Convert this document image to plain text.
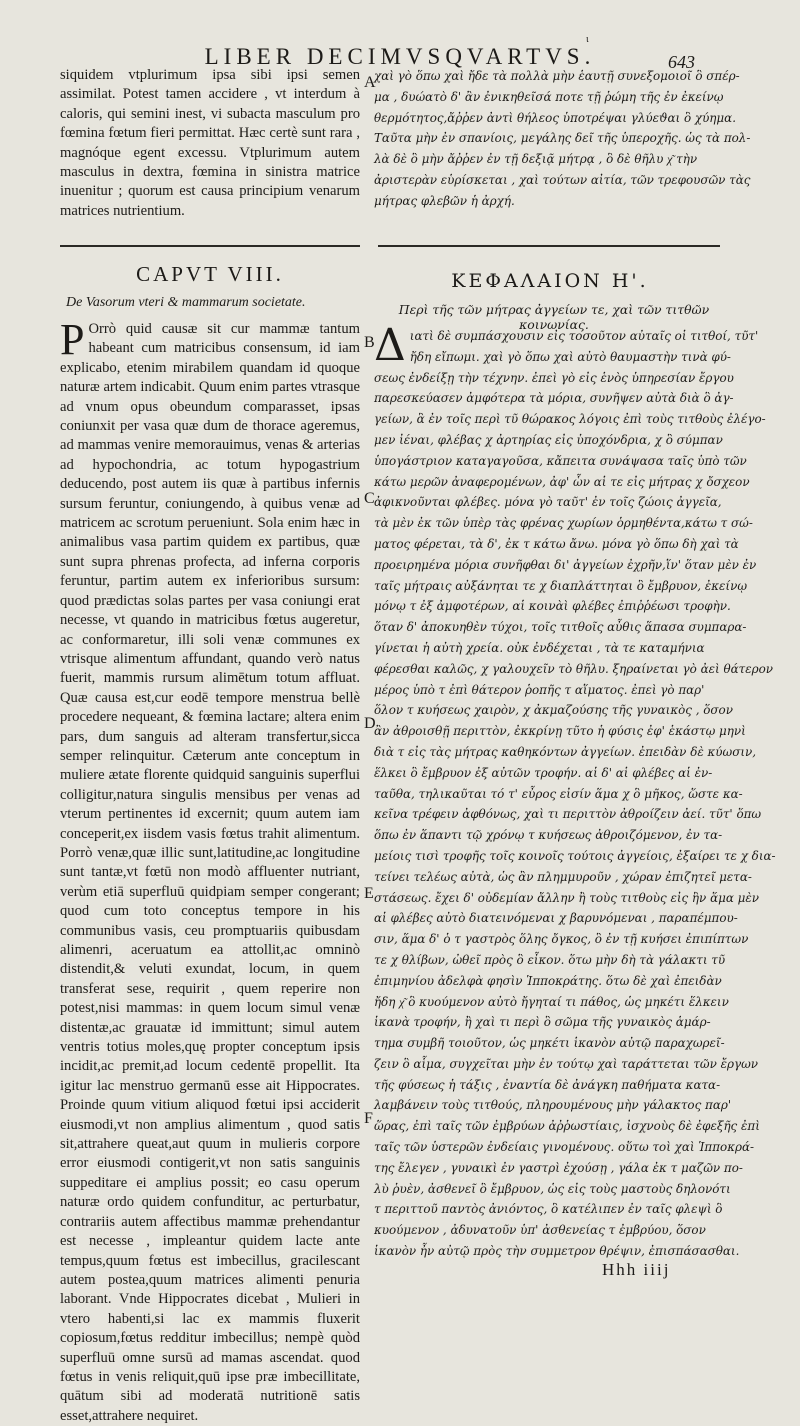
LIBER DECIMVSQVARTVS.
ι
643

siquidem vtplurimum ipsa sibi ipsi semen assimilat. Potest tamen accidere , vt interdum à caloris, qui semini inest, vi subacta masculum pro fœmina fœtum fieri permittat. Hæc certè sunt rara , magnóque egent excessu. Vtplurimum autem masculus in dextra, fœmina in sinistra matrice inuenitur ; quorum est causa principium venarum matrices nutrientium.

χαὶ γὸ ὅπω χαὶ ἤδε τὰ πολλὰ μὴν ἑαυτῇ συνεξομοιοῖ ὃ σπέρ-

μα , δυώατὸ δ' ἂν ἐνικηθεῖσά ποτε τῇ ῥώμη τῆς ἐν ἐκείνῳ

θερμότητος,ἄῤῥεν ἀντὶ θήλεος ὑποτρέψαι γλύεϑαι ὃ χύημα.

Ταῦτα μὴν ἐν σπανίοις, μεγάλης δεῖ τῆς ὑπεροχῆς. ὡς τὰ πολ-

λὰ δὲ ὃ μὴν ἄῤῥεν ἐν τῇ δεξιᾷ μήτρᾳ , ὃ δὲ θῆλυ χ͂ τὴν

ἀριστερὰν εὑρίσκεται , χαὶ τούτων αἰτία, τῶν τρεφουσῶν τὰς

μήτρας φλεβῶν ἡ ἀρχή.

CAPVT VIII.	ΚΕΦΑΛΑΙΟΝ Η'.
De Vasorum vteri & mammarum societate.	Περὶ τῆς τῶν μήτρας ἀγγείων τε, χαὶ τῶν τιτθῶν κοινωνίας.

P Orrò quid causæ sit cur mammæ tantum habeant cum matricibus consensum, id iam explicabo, etenim mirabilem quandam id quoque naturæ artem indicabit. Quum enim partes vtrasque ad vnum opus obeundum comparasset, ipsas coniunxit per vasa quæ dum de thorace ageremus, ad mammas venire memorauimus, venas & arterias ad hypochondria, ac totum hypogastrium deducendo, post autem iis quæ à partibus infernis sursum feruntur, coniungendo, à quibus venæ ad matricem ac scrotum perueniunt. Sola enim hæc in animalibus vasa partim quidem ex partibus, quæ sunt supra phrenas profecta, ad inferna corporis feruntur, partim autem ex inferioribus sursum: quod prædictas solas partes per vasa coniungi erat necesse, vt quando in matricibus fœtus augeretur, ac conformaretur, illi soli venæ communes ex vtrisque alimentum affundant, quando verò natus fuerit, mammis rursum alimētum totum affluat. Quæ causa est,cur eodē tempore menstrua bellè procedere nequeant, & fœmina lactare; altera enim pars, dum sanguis ad alteram transfertur,sicca semper relinquitur. Cæterum ante conceptum in muliere ætate florente quidquid sanguinis superflui colligitur,natura singulis mensibus per venas ad vterum pertinentes id excernit; quum autem iam conceperit,ex iisdem vasis fœtus trahit alimentum. Porrò venæ,quæ illic sunt,latitudine,ac longitudine sunt tantæ,vt fœtū non modò affluenter nutriant, verùm etiā superfluū quidpiam semper congerant; quod cum toto conceptus tempore in his communibus vasis, ceu promptuariis quibusdam alimenri, aceruatum ea attollit,ac omninò distendit,& veluti exundat, locum, in quem transferat sese, requirit , quem reperire non potest,nisi mammas: in quem locum simul venæ distentæ,ac grauatæ id immittunt; simul autem ventris totius moles,quę propter conceptum ipsis incidit,ac premit,ad locum cedentē propellit. Ita igitur lac menstruo germanū esse ait Hippocrates. Proinde quum vitium aliquod fœtui ipsi acciderit eiusmodi,vt non amplius alimentum , quod satis sit,attrahere queat,aut quum in mulieris corpore error eiusmodi contigerit,vt non satis sanguinis suppeditare ei amplius possit; eo casu operum naturæ ordo quidem confunditur, ac perturbatur, contrariis autem affectibus mammæ prehendantur est necesse , impleantur quidem lacte ante tempus,quum fœtus est imbecillus, gracilescant autem postea,quum matrices alimenti penuria laborant. Vnde Hippocrates dicebat , Mulieri in vtero habenti,si lac ex mammis fluxerit copiosum,fœtus redditur imbecillus; nempè quòd superfluū omne sursū ad mamas ascendat. quod fœtus in venis reliquit,quū ipse præ imbecillitate, quātum sibi ad moderatā nutritionē satis esset,attrahere nequiret.

Δ ιατὶ δὲ συμπάσχουσιν εἰς τοσοῦτον αὐταῖς οἱ τιτθοί, τῦτ'

ἤδη εἴπωμι. χαὶ γὸ ὅπω χαὶ αὐτὸ θαυμαστὴν τινὰ φύ-

σεως ἐνδείξῃ τὴν τέχνην. ἐπεὶ γὸ εἰς ἑνὸς ὑπηρεσίαν ἔργου

παρεσκεύασεν ἀμφότερα τὰ μόρια, συνῆψεν αὐτὰ διὰ ὃ ἀγ-

γείων, ἃ ἐν τοῖς περὶ τῦ θώρακος λόγοις ἐπὶ τοὺς τιτθοὺς ἐλέγο-

μεν ἰέναι, φλέβας χ ἀρτηρίας εἰς ὑποχόνδρια, χ ὃ σύμπαν

ὑπογάστριον καταγαγοῦσα, κἄπειτα συνάψασα ταῖς ὑπὸ τῶν

κάτω μερῶν ἀναφερομένων, ἀφ' ὧν αἱ τε εἰς μήτρας χ ὄσχεον

ἀφικνοῦνται φλέβες. μόνα γὸ ταῦτ' ἐν τοῖς ζώοις ἀγγεῖα,

τὰ μὲν ἐκ τῶν ὑπὲρ τὰς φρένας χωρίων ὁρμηθέντα,κάτω τ σώ-

ματος φέρεται, τὰ δ', ἐκ τ κάτω ἄνω. μόνα γὸ ὅπω δὴ χαὶ τὰ

προειρημένα μόρια συνῆφθαι δι' ἀγγείων ἐχρῆν,ἵν' ὅταν μὲν ἐν

ταῖς μήτραις αὐξάνηται τε χ διαπλάττηται ὃ ἔμβρυον, ἐκείνῳ

μόνῳ τ ἐξ ἀμφοτέρων, αἱ κοινὰὶ φλέβες ἐπιῤῥέωσι τροφὴν.

ὅταν δ' ἀποκυηθὲν τύχοι, τοῖς τιτθοῖς αὖθις ἅπασα συμπαρα-

γίνεται ἡ αὐτὴ χρεία. οὐκ ἐνδέχεται , τὰ τε καταμήνια

φέρεσθαι καλῶς, χ γαλουχεῖν τὸ θῆλυ. ξηραίνεται γὸ ἀεὶ θάτερον

μέρος ὑπὸ τ ἐπὶ θάτερον ῥοπῆς τ αἵματος. ἐπεὶ γὸ παρ'

ὅλον τ κυήσεως χαιρὸν, χ ἀκμαζούσης τῆς γυναικὸς , ὅσον

ἂν ἀθροισθῇ περιττὸν, ἐκκρίνῃ τῦτο ἡ φύσις ἐφ' ἑκάστῳ μηνὶ

διὰ τ εἰς τὰς μήτρας καθηκόντων ἀγγείων. ἐπειδὰν δὲ κύωσιν,

ἕλκει ὃ ἔμβρυον ἐξ αὐτῶν τροφήν. αἱ δ' αἱ φλέβες αἱ ἐν-

ταῦθα, τηλικαῦται τό τ' εὖρος εἰσίν ἅμα χ ὃ μῆκος, ὥστε κα-

κεῖνα τρέφειν ἀφθόνως, χαὶ τι περιττὸν ἀθροίζειν ἀεί. τῦτ' ὅπω

ὅπω ἐν ἅπαντι τῷ χρόνῳ τ κυήσεως ἀθροιζόμενον, ἐν τα-

μείοις τισὶ τροφῆς τοῖς κοινοῖς τούτοις ἀγγείοις, ἐξαίρει τε χ δια-

τείνει τελέως αὐτὰ, ὡς ἂν πλημμυροῦν , χώραν ἐπιζητεῖ μετα-

στάσεως. ἔχει δ' οὐδεμίαν ἄλλην ἢ τοὺς τιτθοὺς εἰς ἣν ἅμα μὲν

αἱ φλέβες αὐτὸ διατεινόμεναι χ βαρυνόμεναι , παραπέμπου-

σιν, ἅμα δ' ὁ τ γαστρὸς ὅλης ὄγκος, ὃ ἐν τῇ κυήσει ἐπιπίπτων

τε χ θλίβων, ὠθεῖ πρὸς ὃ εἶκον. ὅτω μὴν δὴ τὰ γάλακτι τῦ

ἐπιμηνίου ἀδελφὰ φησὶν Ἱπποκράτης. ὅτω δὲ χαὶ ἐπειδὰν

ἤδη χ͂ ὃ κυούμενον αὐτὸ ἤγηταί τι πάθος, ὡς μηκέτι ἕλκειν

ἱκανὰ τροφήν, ἢ χαὶ τι περὶ ὃ σῶμα τῆς γυναικὸς ἁμάρ-

τημα συμβῆ τοιοῦτον, ὡς μηκέτι ἱκανὸν αὐτῷ παραχωρεῖ-

ζειν ὃ αἷμα, συγχεῖται μὴν ἐν τούτῳ χαὶ ταράττεται τῶν ἔργων

τῆς φύσεως ἡ τάξις , ἐναντία δὲ ἀνάγκη παθήματα κατα-

λαμβάνειν τοὺς τιτθούς, πληρουμένους μὴν γάλακτος παρ'

ὥρας, ἐπὶ ταῖς τῶν ἐμβρύων ἀῤῥωστίαις, ἰσχνοὺς δὲ ἐφεξῆς ἐπὶ

ταῖς τῶν ὑστερῶν ἐνδείαις γινομένους. οὕτω τοὶ χαὶ Ἱπποκρά-

της ἔλεγεν , γυναικὶ ἐν γαστρὶ ἐχούσῃ , γάλα ἐκ τ μαζῶν πο-

λὺ ῥυὲν, ἀσθενεῖ ὃ ἔμβρυον, ὡς εἰς τοὺς μαστοὺς δηλονότι

τ περιττοῦ παντὸς ἀνιόντος, ὃ κατέλιπεν ἐν ταῖς φλεψὶ ὃ

κυούμενον , ἀδυνατοῦν ὑπ' ἀσθενείας τ ἐμβρύου, ὅσον

ἱκανὸν ἦν αὐτῷ πρὸς τὴν συμμετρον θρέψιν, ἐπισπάσασθαι.

A
B
C
D
E
F
Hhh iiij
